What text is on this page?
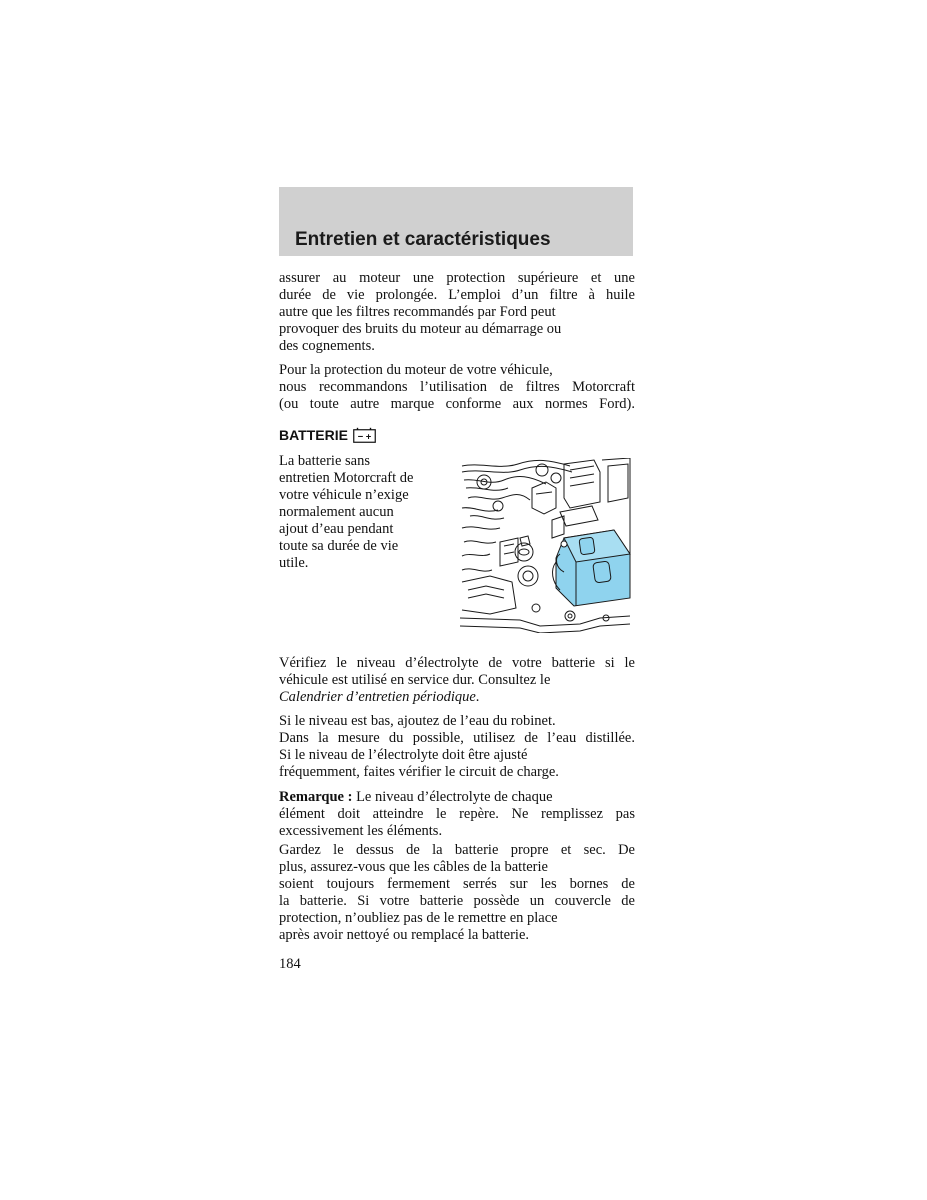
Entretien et caractéristiques

assurer au moteur une protection supérieure et une
durée de vie prolongée. L’emploi d’un filtre à huile
autre que les filtres recommandés par Ford peut
provoquer des bruits du moteur au démarrage ou
des cognements.

Pour la protection du moteur de votre véhicule,
nous recommandons l’utilisation de filtres Motorcraft
(ou toute autre marque conforme aux normes Ford).

BATTERIE − +

La batterie sans
entretien Motorcraft de
votre véhicule n’exige
normalement aucun
ajout d’eau pendant
toute sa durée de vie
utile.

Vérifiez le niveau d’électrolyte de votre batterie si le
véhicule est utilisé en service dur. Consultez le
Calendrier d’entretien périodique.

Si le niveau est bas, ajoutez de l’eau du robinet.
Dans la mesure du possible, utilisez de l’eau distillée.
Si le niveau de l’électrolyte doit être ajusté
fréquemment, faites vérifier le circuit de charge.

Remarque : Le niveau d’électrolyte de chaque
élément doit atteindre le repère. Ne remplissez pas
excessivement les éléments.

Gardez le dessus de la batterie propre et sec. De
plus, assurez-vous que les câbles de la batterie
soient toujours fermement serrés sur les bornes de
la batterie. Si votre batterie possède un couvercle de
protection, n’oubliez pas de le remettre en place
après avoir nettoyé ou remplacé la batterie.

184
